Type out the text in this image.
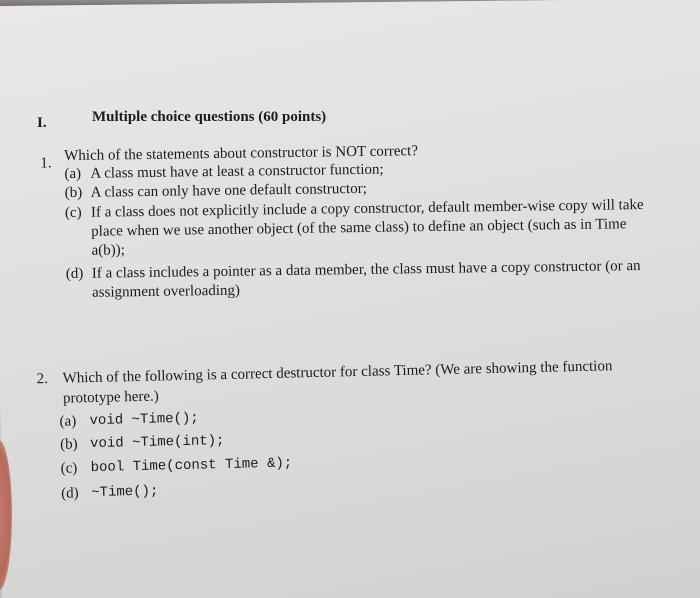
I.	Multiple choice questions (60 points)
1. Which of the statements about constructor is NOT correct?
(a) A class must have at least a constructor function;
(b) A class can only have one default constructor;
(c) If a class does not explicitly include a copy constructor, default member-wise copy will take
place when we use another object (of the same class) to define an object (such as in Time
a(b));
(d) If a class includes a pointer as a data member, the class must have a copy constructor (or an
assignment overloading)
2. Which of the following is a correct destructor for class Time? (We are showing the function
prototype here.)
(a) void ~Time();
(b) void ~Time(int);
(c) bool Time(const Time &);
(d) ~Time();
